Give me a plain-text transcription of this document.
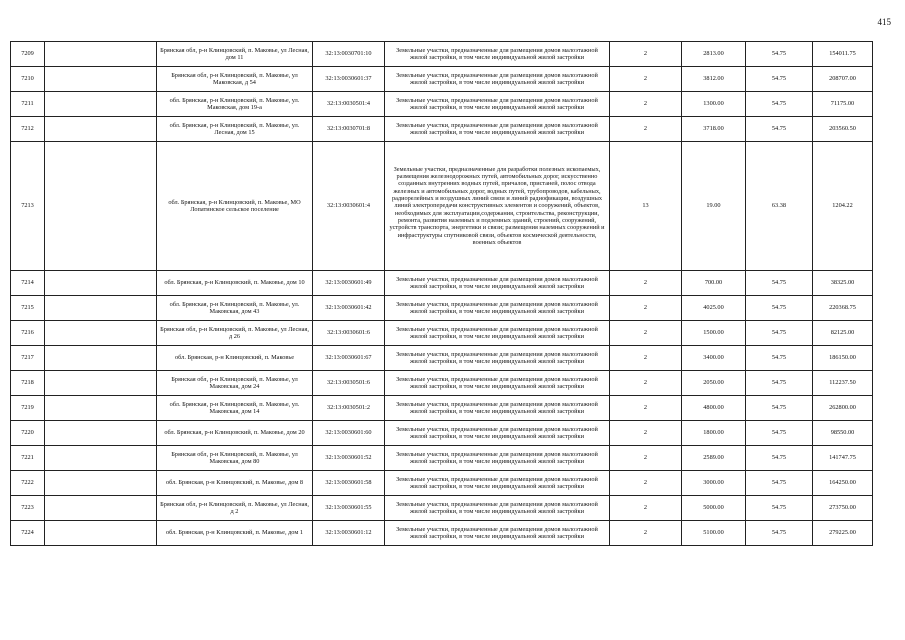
415
7209		Брянская обл, р-н Клинцовский, п. Маковье, ул Лесная, дом 11	32:13:0030701:10	Земельные участки, предназначенные для размещения домов малоэтажной жилой застройки, в том числе индивидуальной жилой застройки	2	2813.00	54.75	154011.75
7210		Брянская обл, р-н Клинцовский, п. Маковье, ул Маковская, д 54	32:13:0030601:37	Земельные участки, предназначенные для размещения домов малоэтажной жилой застройки, в том числе индивидуальной жилой застройки	2	3812.00	54.75	208707.00
7211		обл. Брянская, р-н Клинцовский, п. Маковье, ул. Маковская, дом 19-а	32:13:0030501:4	Земельные участки, предназначенные для размещения домов малоэтажной жилой застройки, в том числе индивидуальной жилой застройки	2	1300.00	54.75	71175.00
7212		обл. Брянская, р-н Клинцовский, п. Маковье, ул. Лесная, дом 15	32:13:0030701:8	Земельные участки, предназначенные для размещения домов малоэтажной жилой застройки, в том числе индивидуальной жилой застройки	2	3718.00	54.75	203560.50
7213		обл. Брянская, р-н Клинцовский, п. Маковье, МО Лопатинское сельское поселение	32:13:0030601:4	Земельные участки, предназначенные для разработки полезных ископаемых, размещения железнодорожных путей, автомобильных дорог, искусственно созданных внутренних водных путей, причалов, пристаней, полос отвода железных и автомобильных дорог, водных путей, трубопроводов, кабельных, радиорелейных и воздушных линий связи и линий радиофикации, воздушных линий электропередачи конструктивных элементов и сооружений, объектов, необходимых для эксплуатации,содержания, строительства, реконструкции, ремонта, развития наземных и подземных зданий, строений, сооружений, устройств транспорта, энергетики и связи; размещения наземных сооружений и инфраструктуры спутниковой связи, объектов космической деятельности, военных объектов	13	19.00	63.38	1204.22
7214		обл. Брянская, р-н Клинцовский, п. Маковье, дом 10	32:13:0030601:49	Земельные участки, предназначенные для размещения домов малоэтажной жилой застройки, в том числе индивидуальной жилой застройки	2	700.00	54.75	38325.00
7215		обл. Брянская, р-н Клинцовский, п. Маковье, ул. Маковская, дом 43	32:13:0030601:42	Земельные участки, предназначенные для размещения домов малоэтажной жилой застройки, в том числе индивидуальной жилой застройки	2	4025.00	54.75	220368.75
7216		Брянская обл, р-н Клинцовский, п. Маковье, ул Лесная, д 26	32:13:0030601:6	Земельные участки, предназначенные для размещения домов малоэтажной жилой застройки, в том числе индивидуальной жилой застройки	2	1500.00	54.75	82125.00
7217		обл. Брянская, р-н Клинцовский, п. Маковье	32:13:0030601:67	Земельные участки, предназначенные для размещения домов малоэтажной жилой застройки, в том числе индивидуальной жилой застройки	2	3400.00	54.75	186150.00
7218		Брянская обл, р-н Клинцовский, п. Маковье, ул Маковская, дом 24	32:13:0030501:6	Земельные участки, предназначенные для размещения домов малоэтажной жилой застройки, в том числе индивидуальной жилой застройки	2	2050.00	54.75	112237.50
7219		обл. Брянская, р-н Клинцовский, п. Маковье, ул. Маковская, дом 14	32:13:0030501:2	Земельные участки, предназначенные для размещения домов малоэтажной жилой застройки, в том числе индивидуальной жилой застройки	2	4800.00	54.75	262800.00
7220		обл. Брянская, р-н Клинцовский, п. Маковье, дом 20	32:13:0030601:60	Земельные участки, предназначенные для размещения домов малоэтажной жилой застройки, в том числе индивидуальной жилой застройки	2	1800.00	54.75	98550.00
7221		Брянская обл, р-н Клинцовский, п. Маковье, ул Маковская, дом 80	32:13:0030601:52	Земельные участки, предназначенные для размещения домов малоэтажной жилой застройки, в том числе индивидуальной жилой застройки	2	2589.00	54.75	141747.75
7222		обл. Брянская, р-н Клинцовский, п. Маковье, дом 8	32:13:0030601:58	Земельные участки, предназначенные для размещения домов малоэтажной жилой застройки, в том числе индивидуальной жилой застройки	2	3000.00	54.75	164250.00
7223		Брянская обл, р-н Клинцовский, п. Маковье, ул Лесная, д 2	32:13:0030601:55	Земельные участки, предназначенные для размещения домов малоэтажной жилой застройки, в том числе индивидуальной жилой застройки	2	5000.00	54.75	273750.00
7224		обл. Брянская, р-н Клинцовский, п. Маковье, дом 1	32:13:0030601:12	Земельные участки, предназначенные для размещения домов малоэтажной жилой застройки, в том числе индивидуальной жилой застройки	2	5100.00	54.75	279225.00
